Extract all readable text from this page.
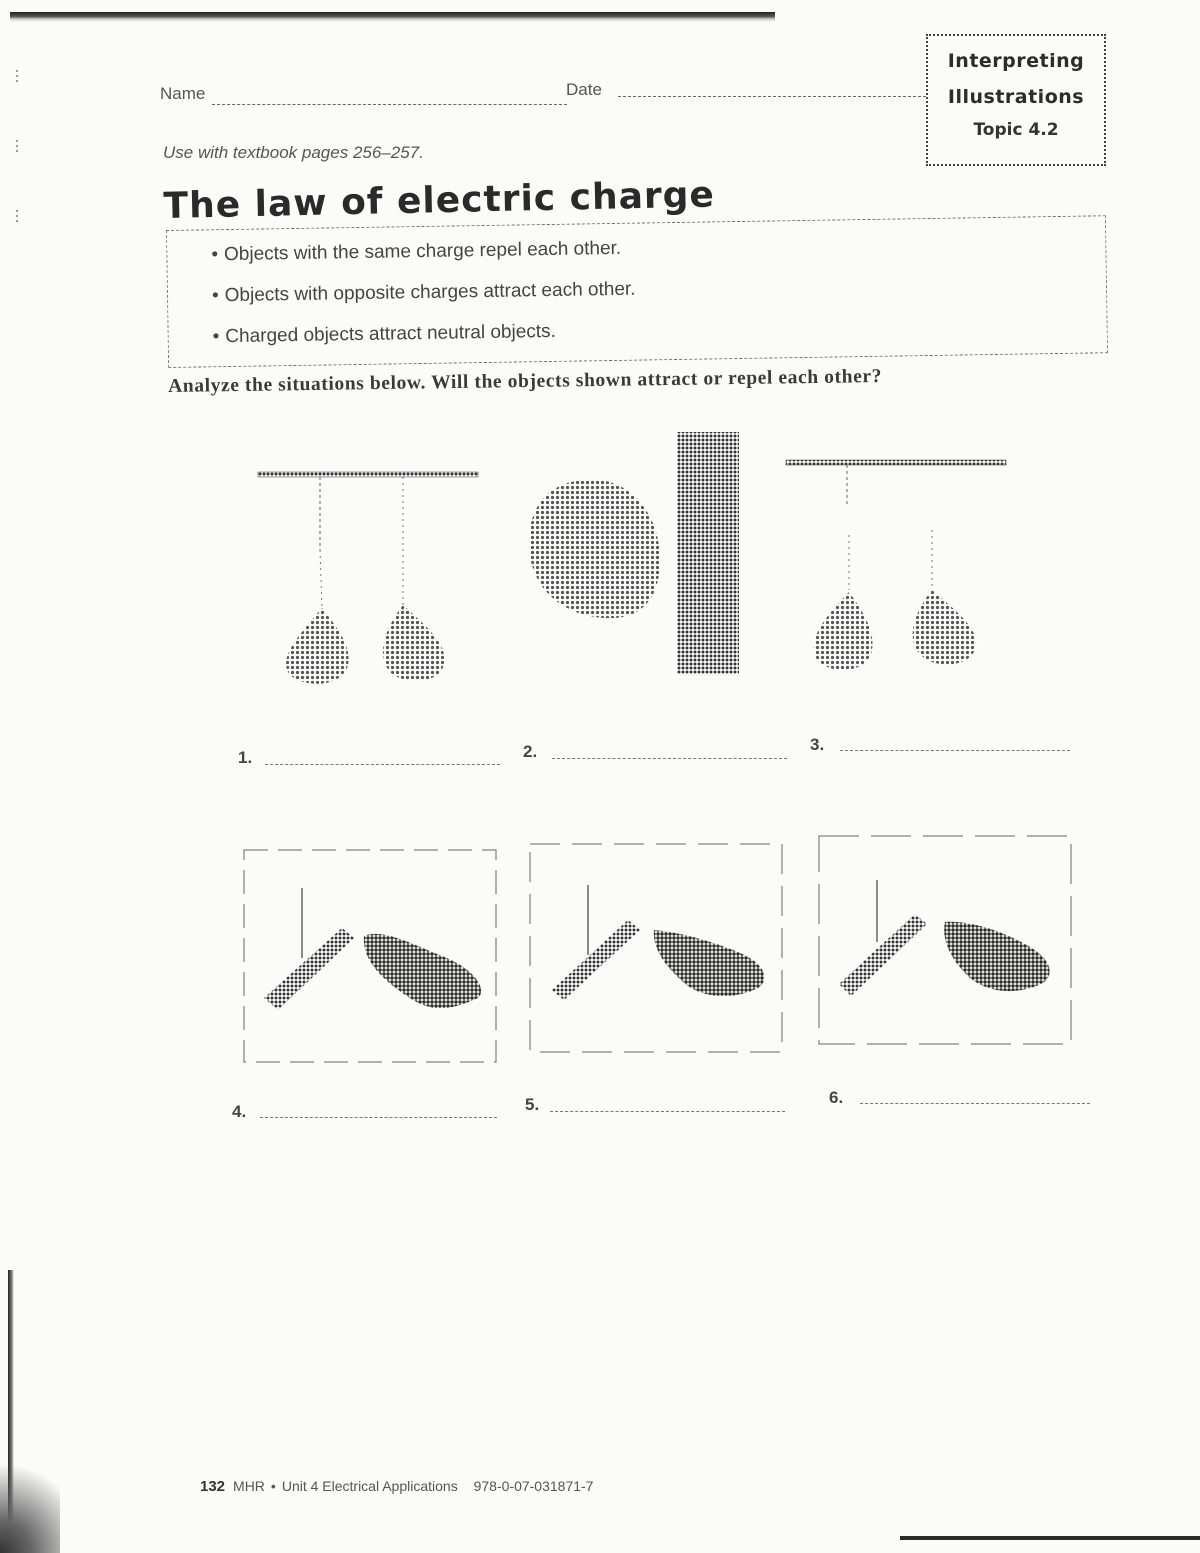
Name	Date
Interpreting
Illustrations
Topic 4.2
Use with textbook pages 256–257.
The law of electric charge
• Objects with the same charge repel each other.
• Objects with opposite charges attract each other.
• Charged objects attract neutral objects.

Analyze the situations below. Will the objects shown attract or repel each other?

1.	2.	3.
4.	5.	6.
132 MHR • Unit 4 Electrical Applications 978-0-07-031871-7
